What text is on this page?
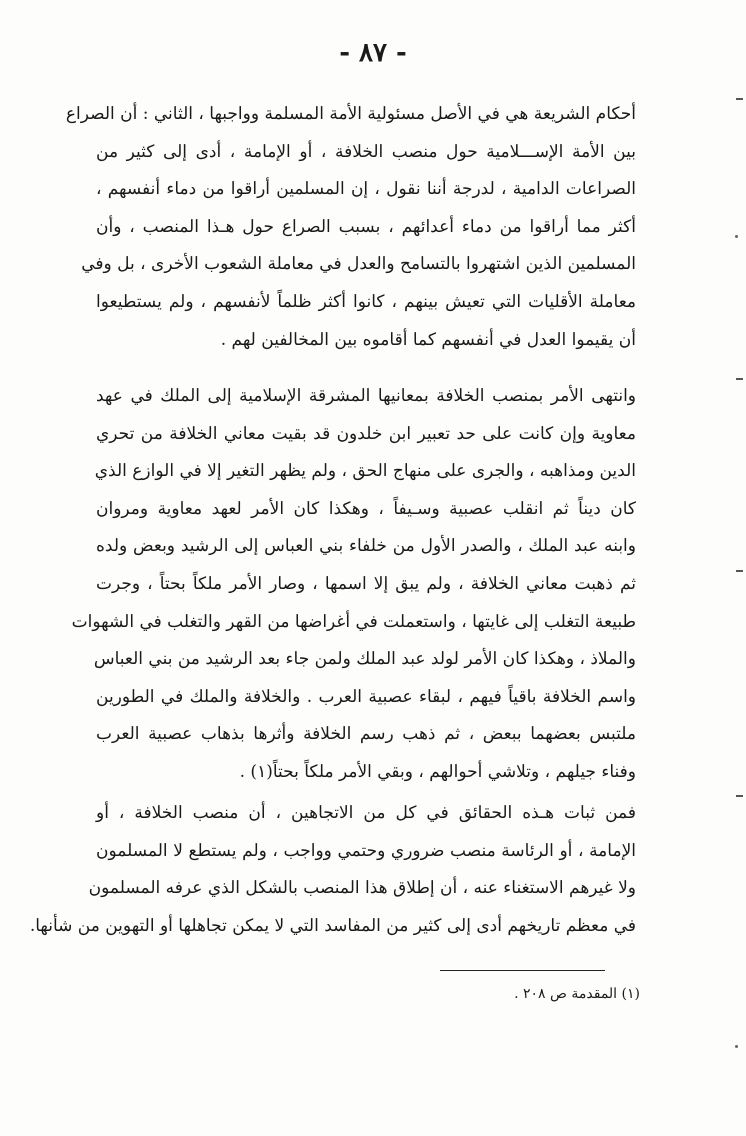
- ٨٧ -
أحكام الشريعة هي في الأصل مسئولية الأمة المسلمة وواجبها ، الثاني : أن الصراع
بين الأمة الإســـلامية حول منصب الخلافة ، أو الإمامة ، أدى إلى كثير من
الصراعات الدامية ، لدرجة أننا نقول ، إن المسلمين أراقوا من دماء أنفسهم ،
أكثر مما أراقوا من دماء أعدائهم ، بسبب الصراع حول هـذا المنصب ، وأن
المسلمين الذين اشتهروا بالتسامح والعدل في معاملة الشعوب الأخرى ، بل وفي
معاملة الأقليات التي تعيش بينهم ، كانوا أكثر ظلماً لأنفسهم ، ولم يستطيعوا
أن يقيموا العدل في أنفسهم كما أقاموه بين المخالفين لهم .
وانتهى الأمر بمنصب الخلافة بمعانيها المشرقة الإسلامية إلى الملك في عهد
معاوية وإن كانت على حد تعبير ابن خلدون قد بقيت معاني الخلافة من تحري
الدين ومذاهبه ، والجرى على منهاج الحق ، ولم يظهر التغير إلا في الوازع الذي
كان ديناً ثم انقلب عصبية وسـيفاً ، وهكذا كان الأمر لعهد معاوية ومروان
وابنه عبد الملك ، والصدر الأول من خلفاء بني العباس إلى الرشيد وبعض ولده
ثم ذهبت معاني الخلافة ، ولم يبق إلا اسمها ، وصار الأمر ملكاً بحتاً ، وجرت
طبيعة التغلب إلى غايتها ، واستعملت في أغراضها من القهر والتغلب في الشهوات
والملاذ ، وهكذا كان الأمر لولد عبد الملك ولمن جاء بعد الرشيد من بني العباس
واسم الخلافة باقياً فيهم ، لبقاء عصبية العرب . والخلافة والملك في الطورين
ملتبس بعضهما ببعض ، ثم ذهب رسم الخلافة وأثرها بذهاب عصبية العرب
وفناء جيلهم ، وتلاشي أحوالهم ، وبقي الأمر ملكاً بحتاً(١) .
فمن ثبات هـذه الحقائق في كل من الاتجاهين ، أن منصب الخلافة ، أو
الإمامة ، أو الرئاسة منصب ضروري وحتمي وواجب ، ولم يستطع لا المسلمون
ولا غيرهم الاستغناء عنه ، أن إطلاق هذا المنصب بالشكل الذي عرفه المسلمون
في معظم تاريخهم أدى إلى كثير من المفاسد التي لا يمكن تجاهلها أو التهوين من شأنها.
(١) المقدمة ص ٢٠٨ .
